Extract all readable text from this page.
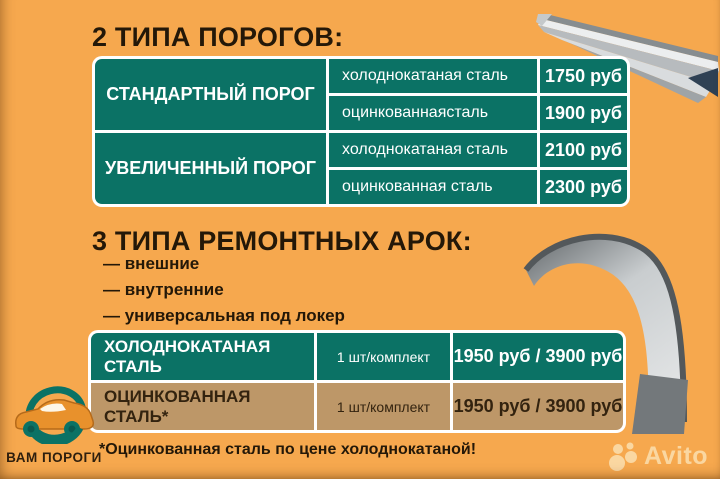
2 ТИПА ПОРОГОВ:
СТАНДАРТНЫЙ ПОРОГ
холоднокатаная сталь	1750 руб
оцинкованнаясталь	1900 руб
УВЕЛИЧЕННЫЙ ПОРОГ
холоднокатаная сталь	2100 руб
оцинкованная сталь	2300 руб
3 ТИПА РЕМОНТНЫХ АРОК:
— внешние
— внутренние
— универсальная под локер
ХОЛОДНОКАТАНАЯ СТАЛЬ	1 шт/комплект	1950 руб / 3900 руб
ОЦИНКОВАННАЯ СТАЛЬ*	1 шт/комплект	1950 руб / 3900 руб
*Оцинкованная сталь по цене холоднокатаной!
ВАМ ПОРОГИ	Avito
